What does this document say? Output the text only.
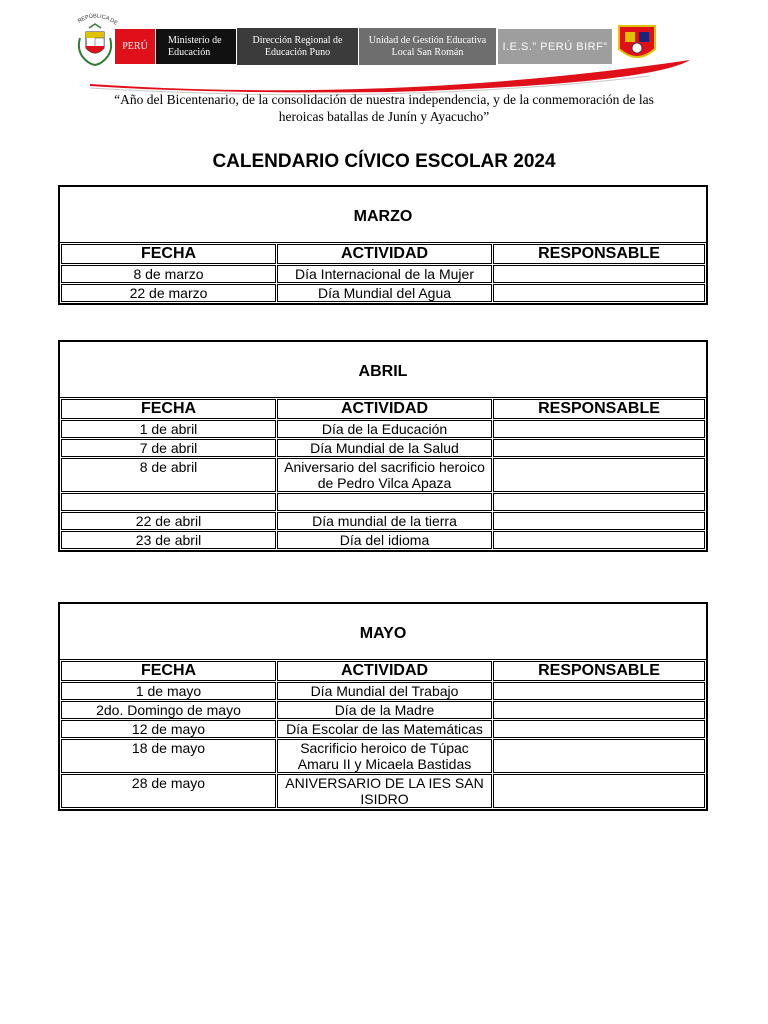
REPÚBLICA DE
PERÚ
Ministerio de Educación
Dirección Regional de Educación Puno
Unidad de Gestión Educativa Local San Román	I.E.S.” PERÚ BIRF”
“Año del Bicentenario, de la consolidación de nuestra independencia, y de la conmemoración de las heroicas batallas de Junín y Ayacucho”
CALENDARIO CÍVICO ESCOLAR 2024
MARZO
FECHA	ACTIVIDAD	RESPONSABLE
8 de marzo	Día Internacional de la Mujer	
22 de marzo	Día Mundial del Agua	
ABRIL
FECHA	ACTIVIDAD	RESPONSABLE
1 de abril	Día de la Educación	
7 de abril	Día Mundial de la Salud	
8 de abril	Aniversario del sacrificio heroico de Pedro Vilca Apaza	

22 de abril	Día mundial de la tierra	
23 de abril	Día del idioma	
MAYO
FECHA	ACTIVIDAD	RESPONSABLE
1 de mayo	Día Mundial del Trabajo	
2do. Domingo de mayo	Día de la Madre	
12 de mayo	Día Escolar de las Matemáticas	
18 de mayo	Sacrificio heroico de Túpac Amaru II y Micaela Bastidas	
28 de mayo	ANIVERSARIO DE LA IES SAN ISIDRO	
